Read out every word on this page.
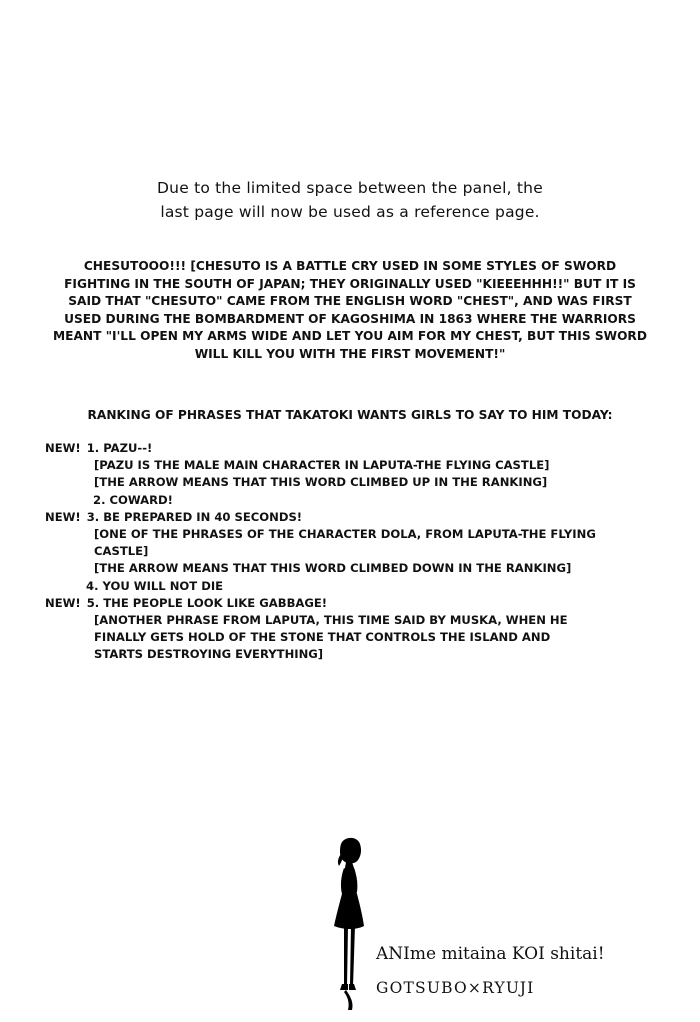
Due to the limited space between the panel, the
last page will now be used as a reference page.
CHESUTOOO!!! [CHESUTO IS A BATTLE CRY USED IN SOME STYLES OF SWORD
FIGHTING IN THE SOUTH OF JAPAN; THEY ORIGINALLY USED "KIEEEHHH!!" BUT IT IS
SAID THAT "CHESUTO" CAME FROM THE ENGLISH WORD "CHEST", AND WAS FIRST
USED DURING THE BOMBARDMENT OF KAGOSHIMA IN 1863 WHERE THE WARRIORS
MEANT "I'LL OPEN MY ARMS WIDE AND LET YOU AIM FOR MY CHEST, BUT THIS SWORD
WILL KILL YOU WITH THE FIRST MOVEMENT!"
RANKING OF PHRASES THAT TAKATOKI WANTS GIRLS TO SAY TO HIM TODAY:
NEW! 1. PAZU--!
[PAZU IS THE MALE MAIN CHARACTER IN LAPUTA-THE FLYING CASTLE]
[THE ARROW MEANS THAT THIS WORD CLIMBED UP IN THE RANKING]
2. COWARD!
NEW! 3. BE PREPARED IN 40 SECONDS!
[ONE OF THE PHRASES OF THE CHARACTER DOLA, FROM LAPUTA-THE FLYING
CASTLE]
[THE ARROW MEANS THAT THIS WORD CLIMBED DOWN IN THE RANKING]
4. YOU WILL NOT DIE
NEW! 5. THE PEOPLE LOOK LIKE GABBAGE!
[ANOTHER PHRASE FROM LAPUTA, THIS TIME SAID BY MUSKA, WHEN HE
FINALLY GETS HOLD OF THE STONE THAT CONTROLS THE ISLAND AND
STARTS DESTROYING EVERYTHING]
ANIme mitaina KOI shitai!
GOTSUBO×RYUJI
